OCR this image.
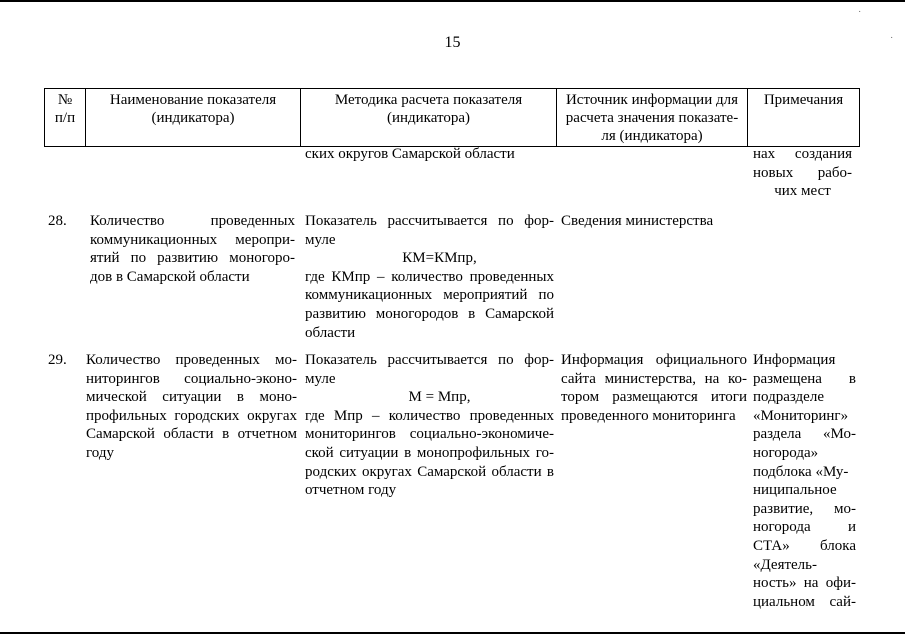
˙
˙
15
№
п/п
Наименование показателя
(индикатора)
Методика расчета показателя
(индикатора)
Источник информации для
расчета значения показате-
ля (индикатора)
Примечания
ских округов Самарской области	нах создания
новых рабо-
чих мест
28. Количество проведенных
коммуникационных меропри-
ятий по развитию моногоро-
дов в Самарской области
Показатель рассчитывается по фор-
муле
КМ=КМпр,
где КМпр – количество проведенных
коммуникационных мероприятий по
развитию моногородов в Самарской
области
Сведения министерства
29. Количество проведенных мо-
ниторингов социально-эконо-
мической ситуации в моно-
профильных городских округах
Самарской области в отчетном
году
Показатель рассчитывается по фор-
муле
М = Мпр,
где Мпр – количество проведенных
мониторингов социально-экономиче-
ской ситуации в монопрофильных го-
родских округах Самарской области в
отчетном году
Информация официального
сайта министерства, на ко-
тором размещаются итоги
проведенного мониторинга
Информация
размещена в
подразделе
«Мониторинг»
раздела «Мо-
ногорода»
подблока «Му-
ниципальное
развитие, мо-
ногорода и
СТА» блока
«Деятель-
ность» на офи-
циальном сай-
